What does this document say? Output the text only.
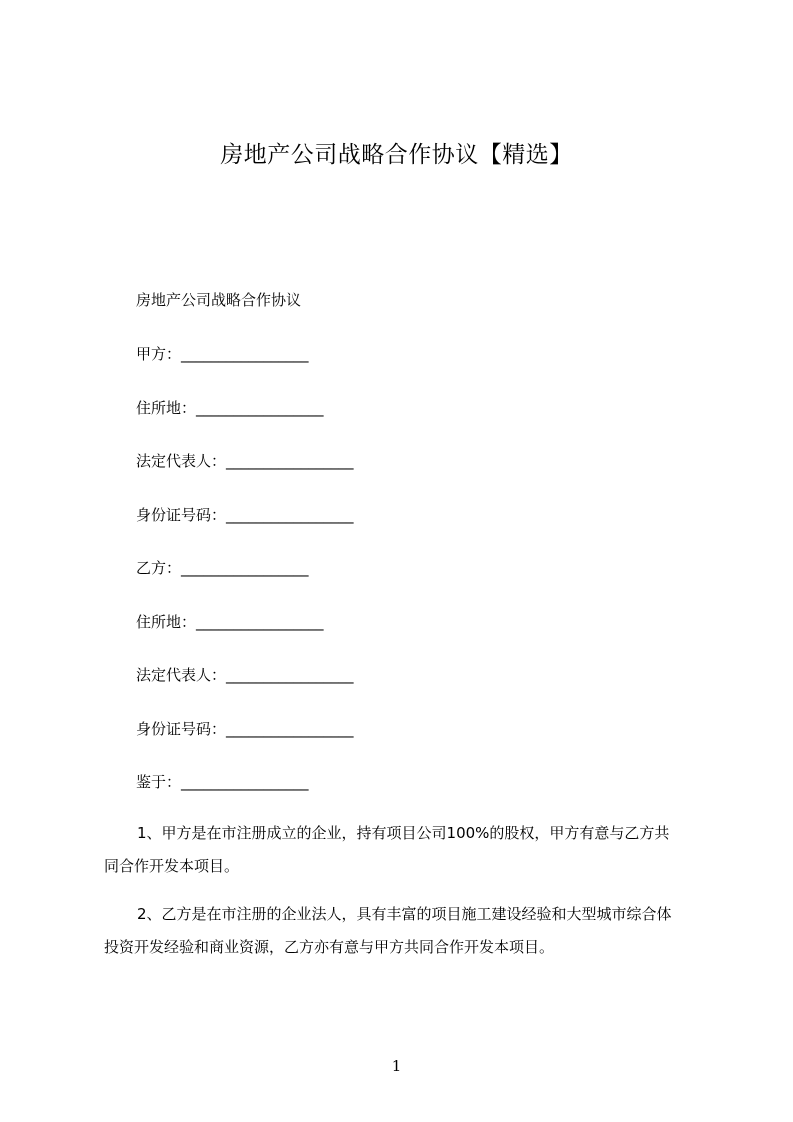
房地产公司战略合作协议【精选】
房地产公司战略合作协议
甲方：_________________
住所地：_________________
法定代表人：_________________
身份证号码：_________________
乙方：_________________
住所地：_________________
法定代表人：_________________
身份证号码：_________________
鉴于：_________________
1、甲方是在市注册成立的企业，持有项目公司100%的股权，甲方有意与乙方共
同合作开发本项目。
2、乙方是在市注册的企业法人，具有丰富的项目施工建设经验和大型城市综合体
投资开发经验和商业资源，乙方亦有意与甲方共同合作开发本项目。
1
